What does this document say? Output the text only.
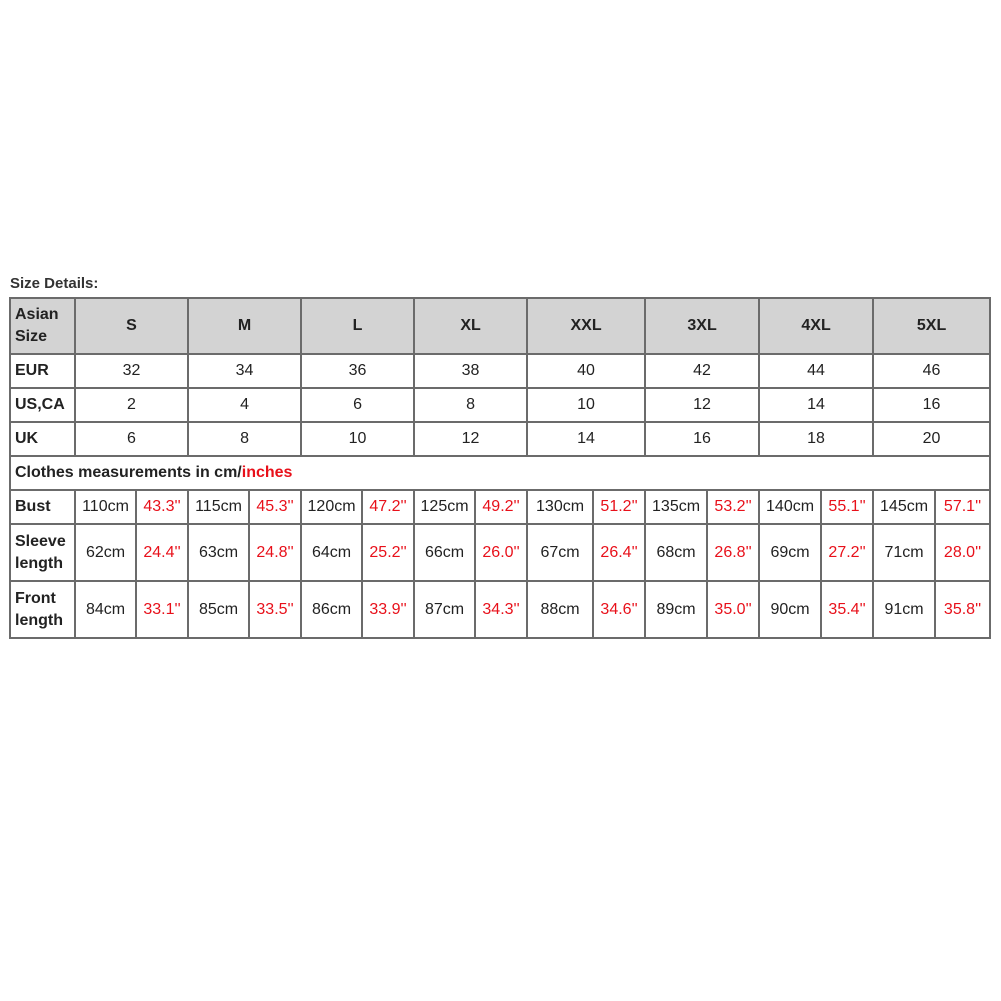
Size Details:
Asian
Size	S		M		L		XL		XXL		3XL		4XL		5XL	
EUR	32		34		36		38		40		42		44		46	
US,CA	2		4		6		8		10		12		14		16	
UK	6		8		10		12		14		16		18		20	
Clothes measurements in cm/inches																
Bust	110cm	43.3''	115cm	45.3''	120cm	47.2''	125cm	49.2''	130cm	51.2''	135cm	53.2''	140cm	55.1''	145cm	57.1''
Sleeve
length	62cm	24.4''	63cm	24.8''	64cm	25.2''	66cm	26.0''	67cm	26.4''	68cm	26.8''	69cm	27.2''	71cm	28.0''
Front
length	84cm	33.1''	85cm	33.5''	86cm	33.9''	87cm	34.3''	88cm	34.6''	89cm	35.0''	90cm	35.4''	91cm	35.8''
